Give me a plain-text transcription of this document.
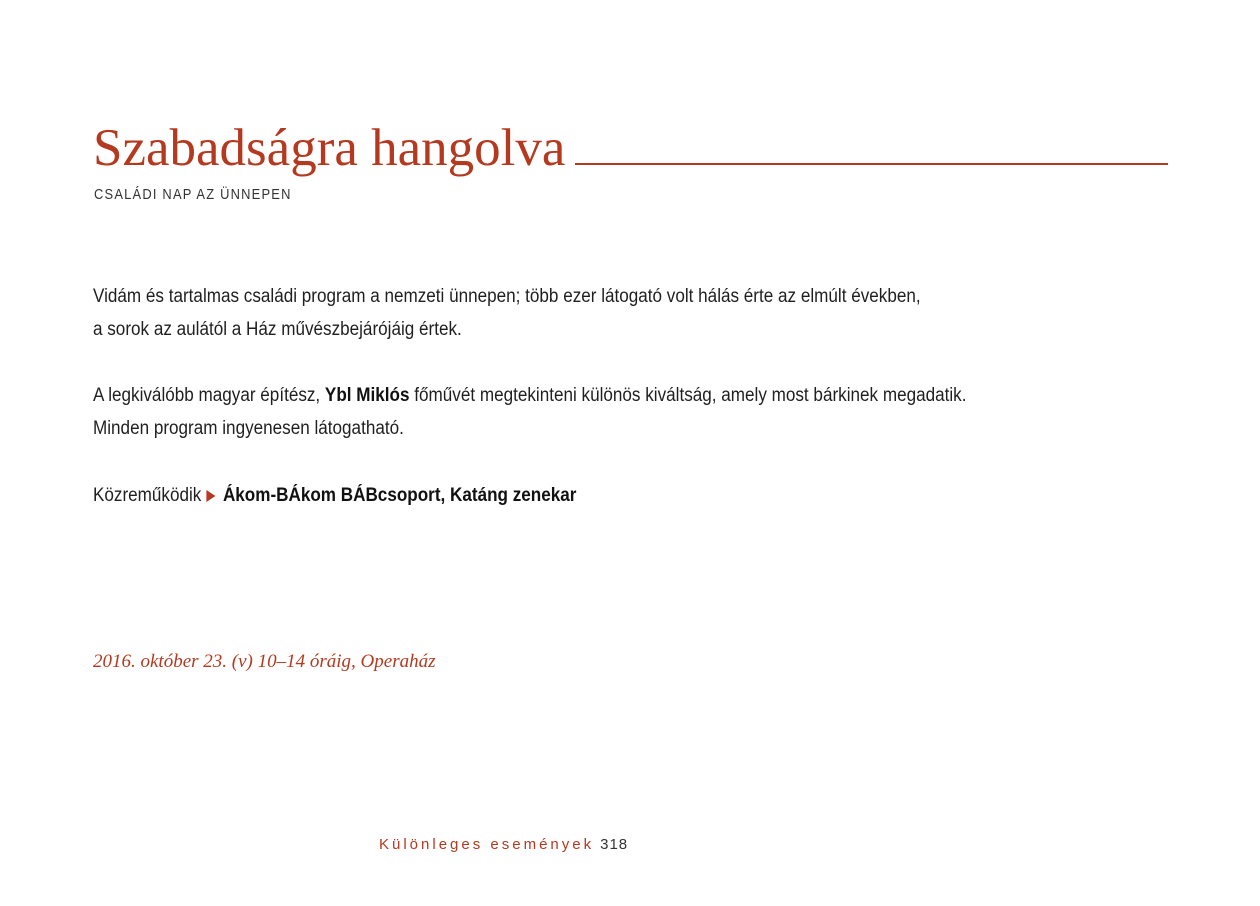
Szabadságra hangolva
CSALÁDI NAP AZ ÜNNEPEN
Vidám és tartalmas családi program a nemzeti ünnepen; több ezer látogató volt hálás érte az elmúlt években,
a sorok az aulától a Ház művészbejárójáig értek.
A legkiválóbb magyar építész, Ybl Miklós főművét megtekinteni különös kiváltság, amely most bárkinek megadatik.
Minden program ingyenesen látogatható.
Közreműködik Ákom-BÁkom BÁBcsoport, Katáng zenekar
2016. október 23. (v) 10–14 óráig, Operaház
Különleges események 318
